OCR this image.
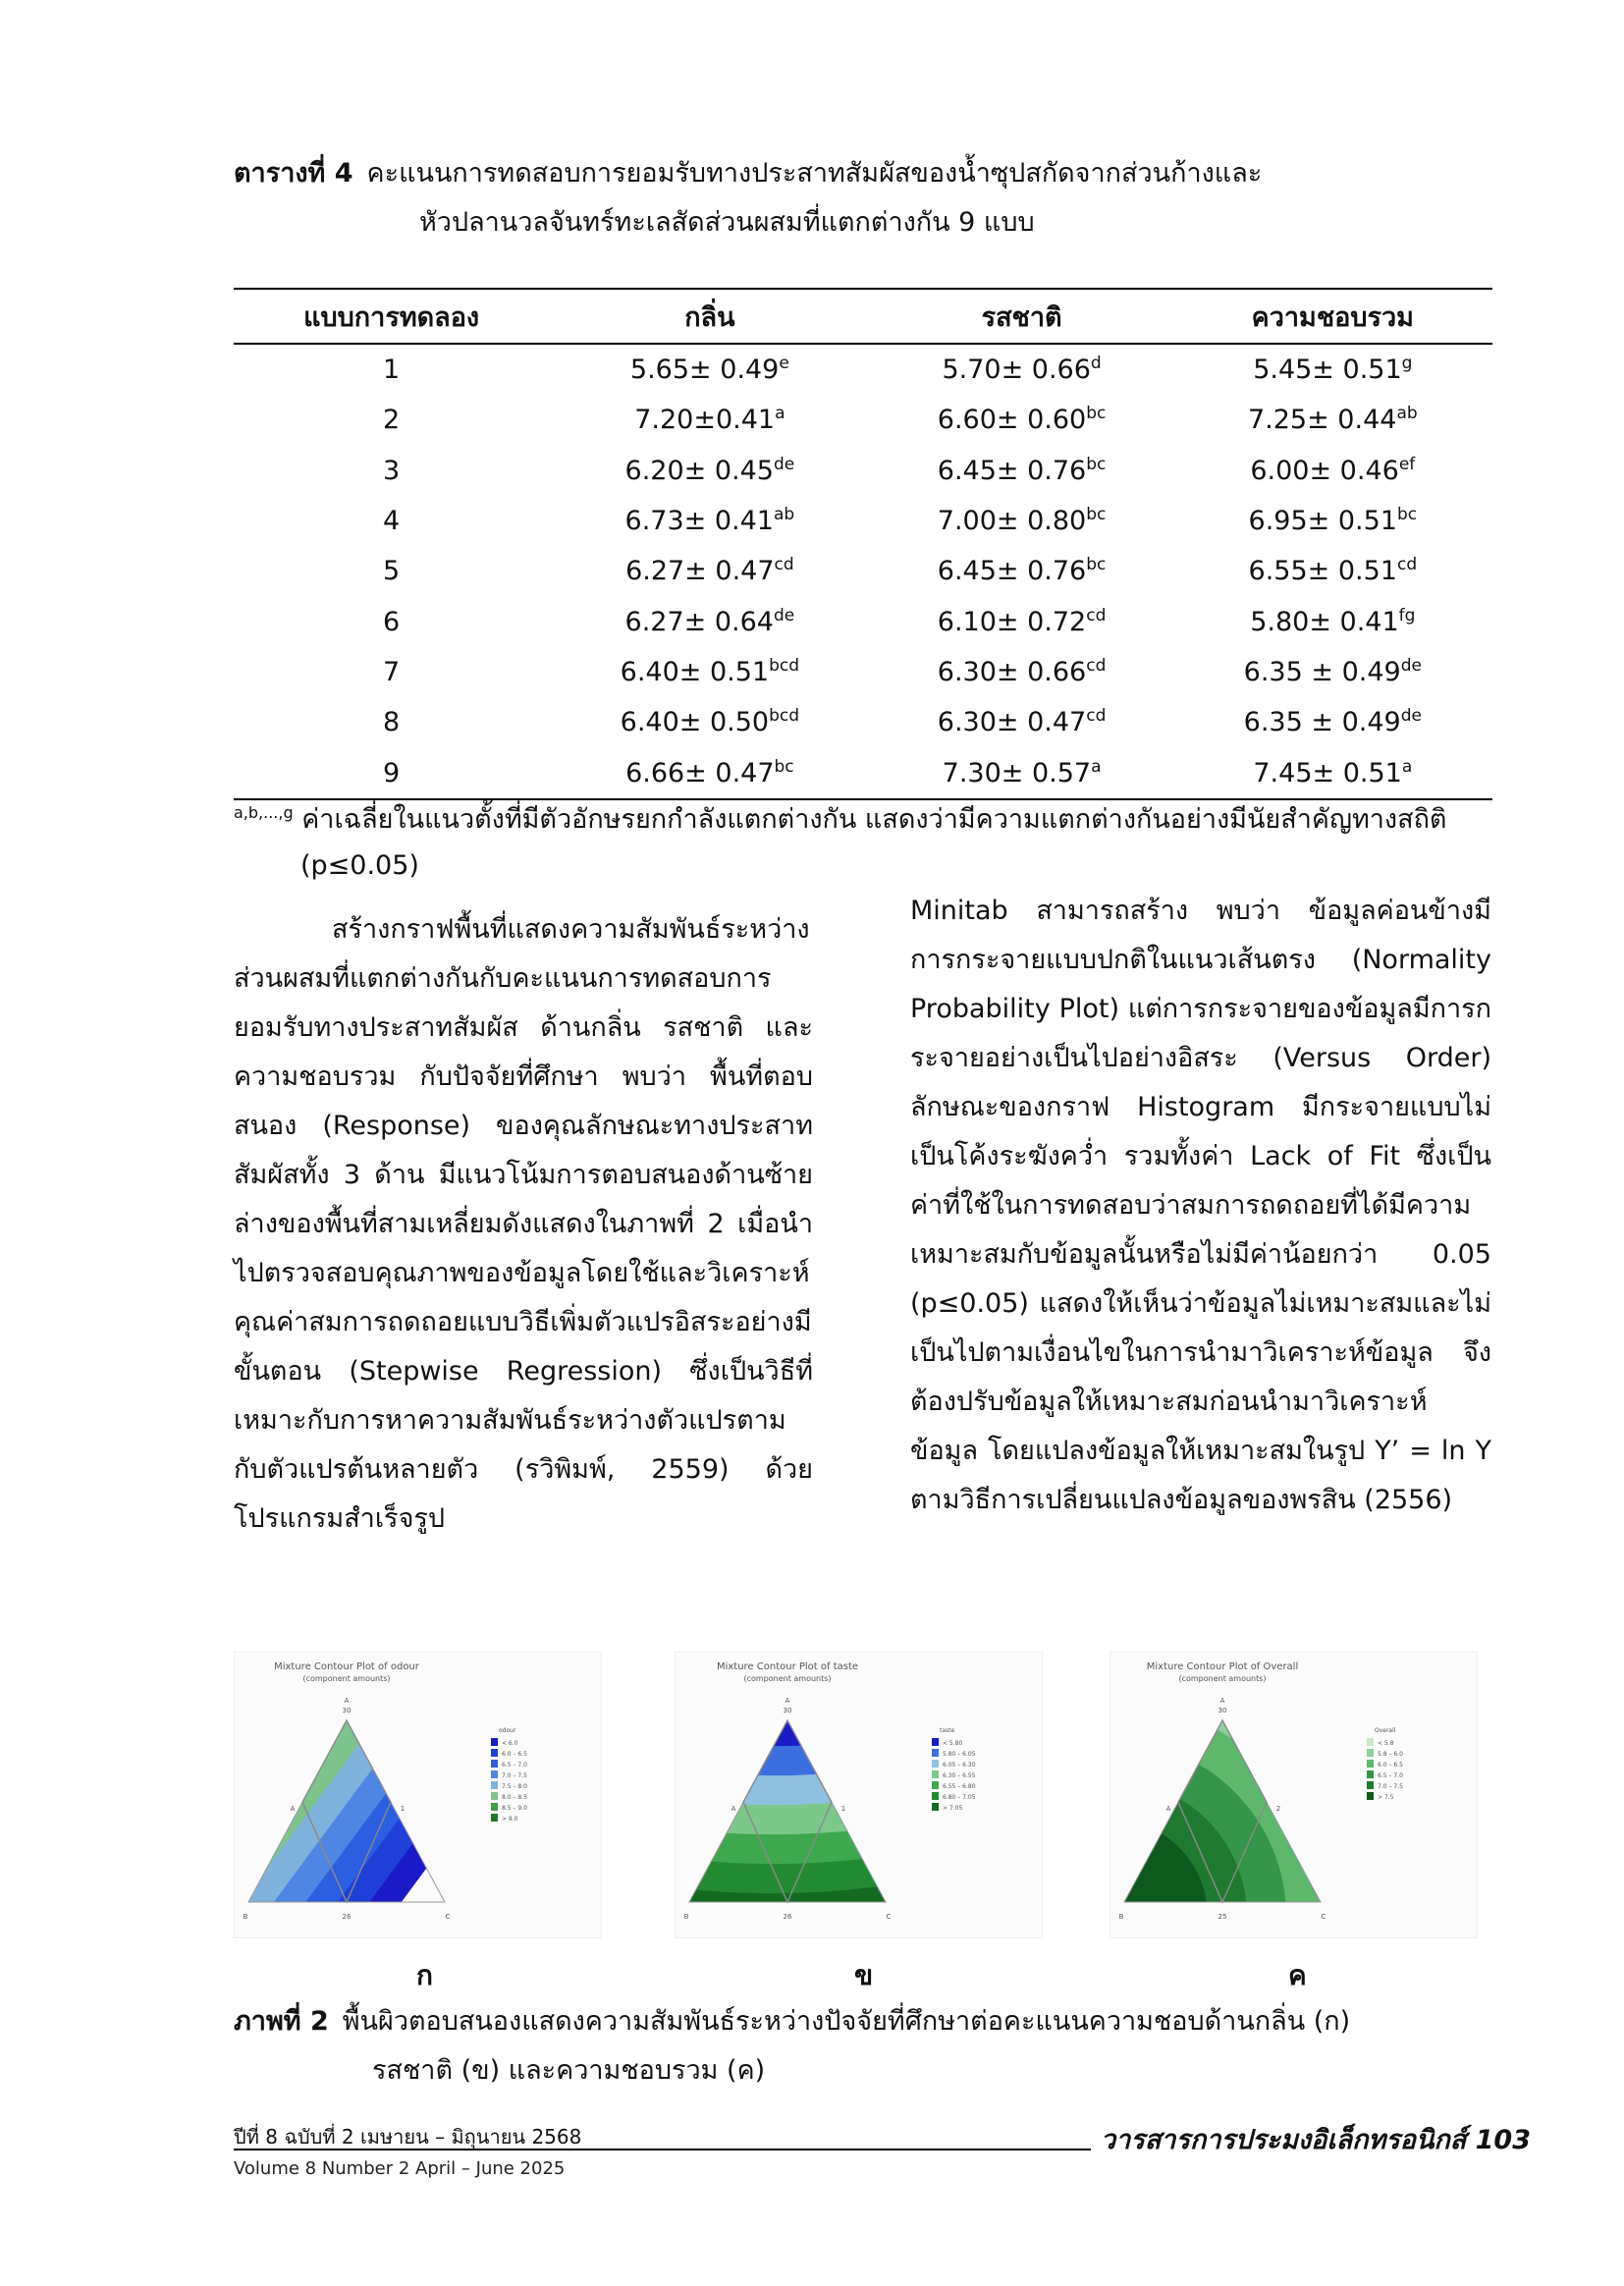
ตารางที่ 4 คะแนนการทดสอบการยอมรับทางประสาทสัมผัสของน้ำซุปสกัดจากส่วนก้างและ
หัวปลานวลจันทร์ทะเลสัดส่วนผสมที่แตกต่างกัน 9 แบบ
แบบการทดลอง	กลิ่น	รสชาติ	ความชอบรวม
1	5.65± 0.49$^e$	5.70± 0.66$^d$	5.45± 0.51$^g$
2	7.20±0.41$^a$	6.60± 0.60$^{bc}$	7.25± 0.44$^{ab}$
3	6.20± 0.45de	6.45± 0.76$^{bc}$	6.00± 0.46$^{ef}$
4	6.73± 0.41$^{ab}$	7.00± 0.80$^{bc}$	6.95± 0.51$^{bc}$
5	6.27± 0.47$^{cd}$	6.45± 0.76$^{bc}$	6.55± 0.51$^{cd}$
6	6.27± 0.64de	6.10± 0.72$^{cd}$	5.80± 0.41$^{fg}$
7	6.40± 0.51$^{bcd}$	6.30± 0.66$^{cd}$	6.35 ± 0.49de
8	6.40± 0.50$^{bcd}$	6.30± 0.47$^{cd}$	6.35 ± 0.49de
9	6.66± 0.47$^{bc}$	7.30± 0.57$^a$	7.45± 0.51$^a$
$^{a,b,...,g}$ ค่าเฉลี่ยในแนวตั้งที่มีตัวอักษรยกกำลังแตกต่างกัน แสดงว่ามีความแตกต่างกันอย่างมีนัยสำคัญทางสถิติ
(p≤0.05)
สร้างกราฟพื้นที่แสดงความสัมพันธ์ระหว่างส่วนผสมที่แตกต่างกันกับคะแนนการทดสอบการยอมรับทางประสาทสัมผัส ด้านกลิ่น รสชาติ และความชอบรวม กับปัจจัยที่ศึกษา พบว่า พื้นที่ตอบสนอง (Response) ของคุณลักษณะทางประสาทสัมผัสทั้ง 3 ด้าน มีแนวโน้มการตอบสนองด้านซ้ายล่างของพื้นที่สามเหลี่ยมดังแสดงในภาพที่ 2 เมื่อนำไปตรวจสอบคุณภาพของข้อมูลโดยใช้และวิเคราะห์คุณค่าสมการถดถอยแบบวิธีเพิ่มตัวแปรอิสระอย่างมีขั้นตอน (Stepwise Regression) ซึ่งเป็นวิธีที่เหมาะกับการหาความสัมพันธ์ระหว่างตัวแปรตามกับตัวแปรต้นหลายตัว (รวิพิมพ์, 2559) ด้วยโปรแกรมสำเร็จรูป
Minitab สามารถสร้าง พบว่า ข้อมูลค่อนข้างมีการกระจายแบบปกติในแนวเส้นตรง (Normality Probability Plot) แต่การกระจายของข้อมูลมีการกระจายอย่างเป็นไปอย่างอิสระ (Versus Order) ลักษณะของกราฟ Histogram มีกระจายแบบไม่เป็นโค้งระฆังคว่ำ รวมทั้งค่า Lack of Fit ซึ่งเป็นค่าที่ใช้ในการทดสอบว่าสมการถดถอยที่ได้มีความเหมาะสมกับข้อมูลนั้นหรือไม่มีค่าน้อยกว่า 0.05 (p≤0.05) แสดงให้เห็นว่าข้อมูลไม่เหมาะสมและไม่เป็นไปตามเงื่อนไขในการนำมาวิเคราะห์ข้อมูล จึงต้องปรับข้อมูลให้เหมาะสมก่อนนำมาวิเคราะห์ข้อมูล โดยแปลงข้อมูลให้เหมาะสมในรูป Y’ = ln Y ตามวิธีการเปลี่ยนแปลงข้อมูลของพรสิน (2556)
Mixture Contour Plot of odour
(component amounts)
A
30
B	C
26
A	1
odour
< 6.0
6.0 – 6.5
6.5 – 7.0
7.0 – 7.5
7.5 – 8.0
8.0 – 8.5
8.5 – 9.0
> 9.0
Mixture Contour Plot of taste
(component amounts)
A
30
B	C
26
A	1
taste
< 5.80
5.80 – 6.05
6.05 – 6.30
6.30 – 6.55
6.55 – 6.80
6.80 – 7.05
> 7.05
Mixture Contour Plot of Overall
(component amounts)
A
30
B	C
25
A	2
Overall
< 5.8
5.8 – 6.0
6.0 – 6.5
6.5 – 7.0
7.0 – 7.5
> 7.5
ก	ข	ค
ภาพที่ 2 พื้นผิวตอบสนองแสดงความสัมพันธ์ระหว่างปัจจัยที่ศึกษาต่อคะแนนความชอบด้านกลิ่น (ก)
รสชาติ (ข) และความชอบรวม (ค)
ปีที่ 8 ฉบับที่ 2 เมษายน – มิถุนายน 2568
Volume 8 Number 2 April – June 2025
วารสารการประมงอิเล็กทรอนิกส์ 103
